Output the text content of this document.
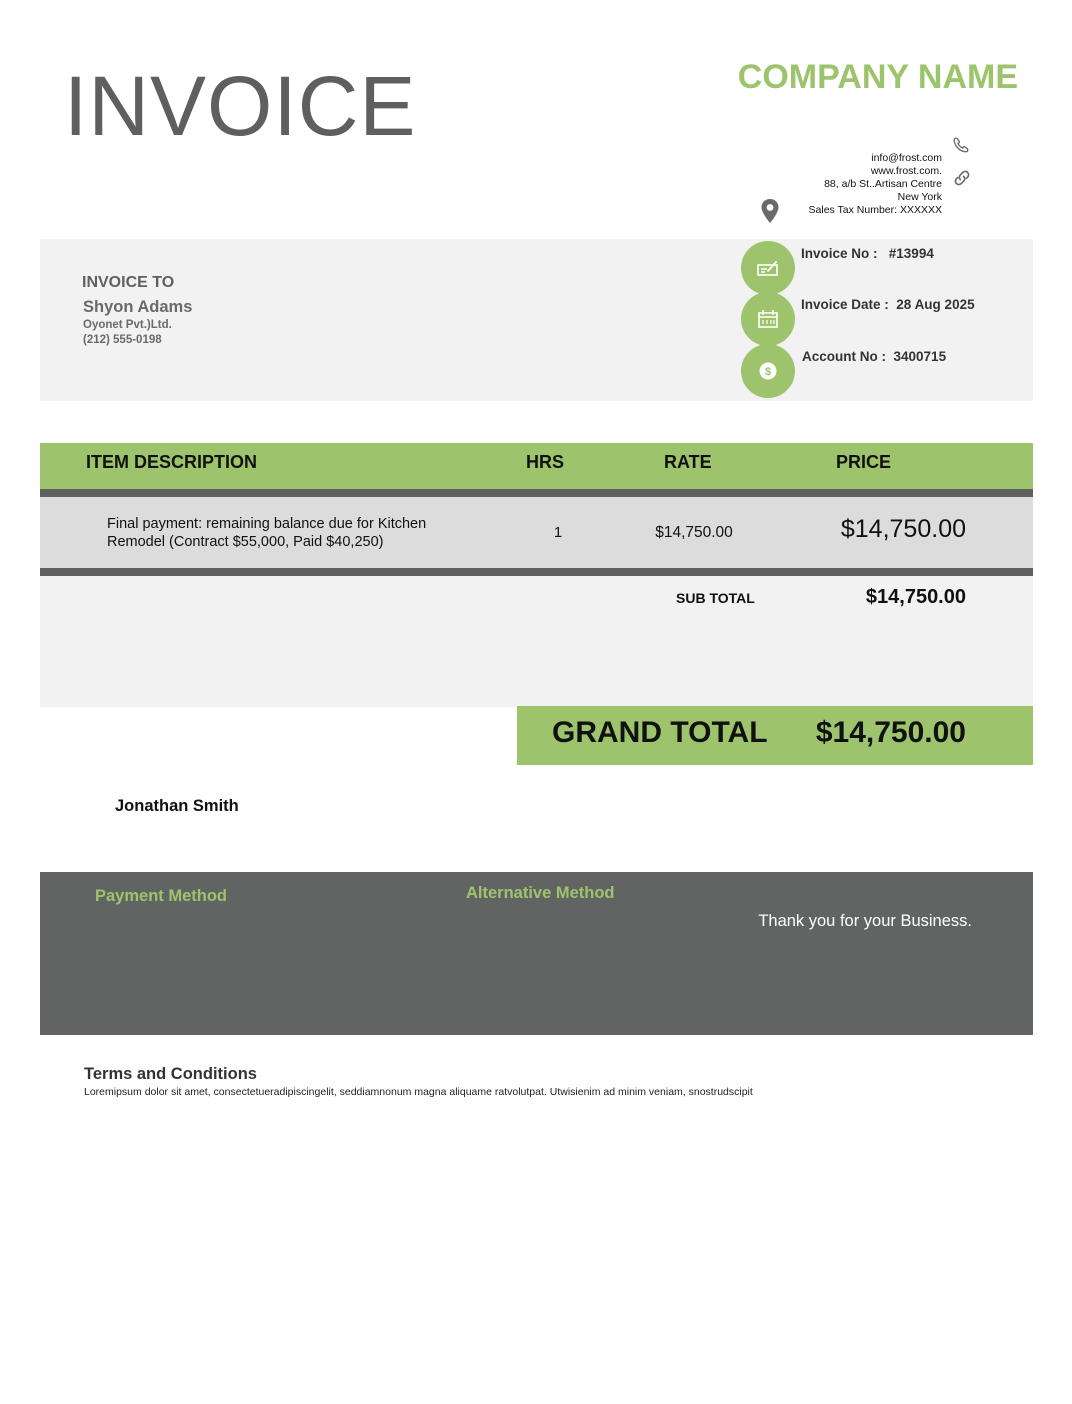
INVOICE	COMPANY NAME
info@frost.com
www.frost.com.
88, a/b St..Artisan Centre
New York
Sales Tax Number: XXXXXX
INVOICE TO
Shyon Adams
Oyonet Pvt.)Ltd.
(212) 555-0198
$
Invoice No : #13994
Invoice Date : 28 Aug 2025
Account No : 3400715
ITEM DESCRIPTION	HRS	RATE	PRICE
Final payment: remaining balance due for Kitchen Remodel (Contract $55,000, Paid $40,250)
1	$14,750.00	$14,750.00
SUB TOTAL	$14,750.00
GRAND TOTAL	$14,750.00
Jonathan Smith
Payment Method	Alternative Method
Thank you for your Business.
Terms and Conditions
Loremipsum dolor sit amet, consectetueradipiscingelit, seddiamnonum magna aliquame ratvolutpat. Utwisienim ad minim veniam, snostrudscipit
